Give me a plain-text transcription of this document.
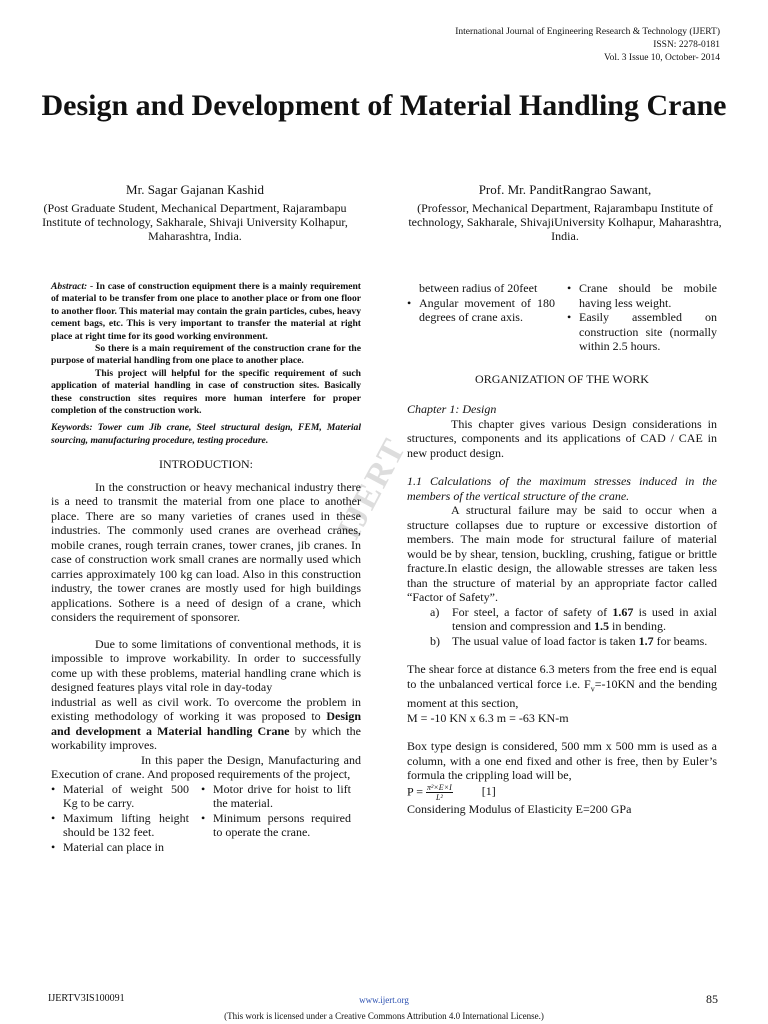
International Journal of Engineering Research & Technology (IJERT)
ISSN: 2278-0181
Vol. 3 Issue 10, October- 2014
Design and Development of Material Handling Crane
Mr. Sagar Gajanan Kashid
(Post Graduate Student, Mechanical Department, Rajarambapu Institute of technology, Sakharale, Shivaji University Kolhapur, Maharashtra, India.
Prof. Mr. PanditRangrao Sawant,
(Professor, Mechanical Department, Rajarambapu Institute of technology, Sakharale, ShivajiUniversity Kolhapur, Maharashtra, India.
IJERT

Abstract: - In case of construction equipment there is a mainly requirement of material to be transfer from one place to another place or from one floor to another floor. This material may contain the grain particles, cubes, heavy cement bags, etc. This is very important to transfer the material at right place at right time for its good working environment.

So there is a main requirement of the construction crane for the purpose of material handling from one place to another place.

This project will helpful for the specific requirement of such application of material handling in case of construction sites. Basically these construction sites requires more human interfere for proper completion of the construction work.

Keywords: Tower cum Jib crane, Steel structural design, FEM, Material sourcing, manufacturing procedure, testing procedure.

INTRODUCTION:

In the construction or heavy mechanical industry there is a need to transmit the material from one place to another place. There are so many varieties of cranes used in these industries. The commonly used cranes are overhead cranes, mobile cranes, rough terrain cranes, tower cranes, jib cranes. In case of construction work small cranes are normally used which carries approximately 100 kg can load. Also in this construction industry, the tower cranes are mostly used for high buildings applications. Sothere is a need of design of a crane, which considers the requirement of sponsorer.

Due to some limitations of conventional methods, it is impossible to improve workability. In order to successfully come up with these problems, material handling crane which is designed features plays vital role in day-today

industrial as well as civil work. To overcome the problem in existing methodology of working it was proposed to Design and development a Material handling Crane by which the workability improves.

In this paper the Design, Manufacturing and Execution of crane. And proposed requirements of the project,

• Material of weight 500 Kg to be carry.
• Maximum lifting height should be 132 feet.
• Material can place in
• Motor drive for hoist to lift the material.
• Minimum persons required to operate the crane.
between radius of 20feet
• Angular movement of 180 degrees of crane axis.
• Crane should be mobile having less weight.
• Easily assembled on construction site (normally within 2.5 hours.
ORGANIZATION OF THE WORK

Chapter 1: Design

This chapter gives various Design considerations in structures, components and its applications of CAD / CAE in new product design.

1.1 Calculations of the maximum stresses induced in the members of the vertical structure of the crane.

A structural failure may be said to occur when a structure collapses due to rupture or excessive distortion of members. The main mode for structural failure of material would be by shear, tension, buckling, crushing, fatigue or brittle fracture.In elastic design, the allowable stresses are taken less than the structure of material by an appropriate factor called “Factor of Safety”.

a) For steel, a factor of safety of 1.67 is used in axial tension and compression and 1.5 in bending.
b) The usual value of load factor is taken 1.7 for beams.

The shear force at distance 6.3 meters from the free end is equal to the unbalanced vertical force i.e. $F_v=-10KN$ and the bending moment at this section,

M = -10 KN x 6.3 m = -63 KN-m

Box type design is considered, 500 mm x 500 mm is used as a column, with a one end fixed and other is free, then by Euler’s formula the crippling load will be,

$P = \frac{\text{π²×E×I}}{\text{L²}} [1]$

Considering Modulus of Elasticity E=200 GPa

IJERTV3IS100091	www.ijert.org	85
(This work is licensed under a Creative Commons Attribution 4.0 International License.)
